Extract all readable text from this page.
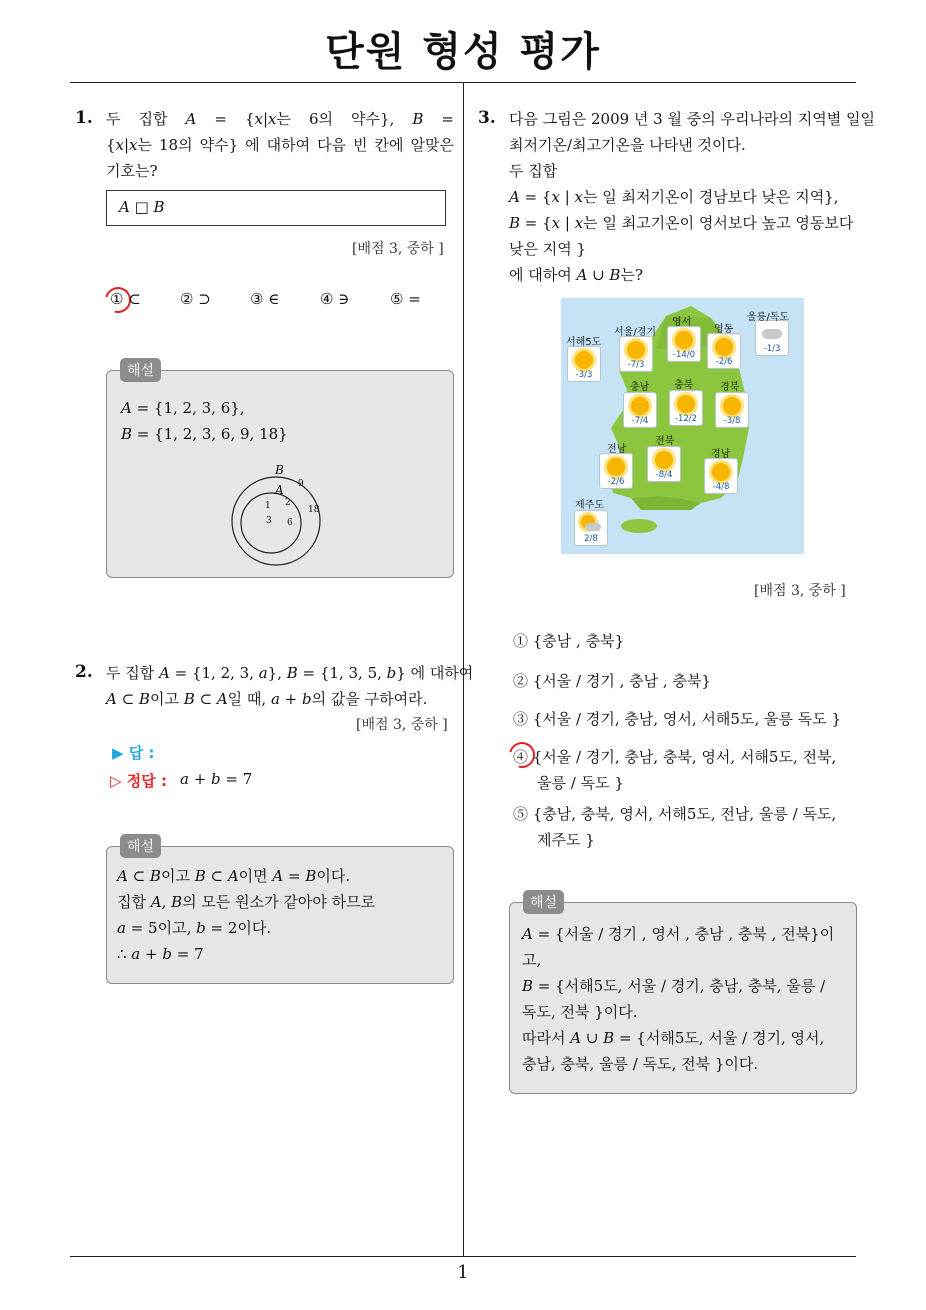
단원 형성 평가
1
1. 두 집합 𝐴 = {𝑥|𝑥는 6의 약수}, 𝐵 =
{𝑥|𝑥는 18의 약수} 에 대하여 다음 빈 칸에 알맞은
기호는?
𝐴 □ 𝐵
[배점 3, 중하 ]
① ⊂	② ⊃	③ ∈	④ ∋	⑤ =
𝐴 = {1, 2, 3, 6},
𝐵 = {1, 2, 3, 6, 9, 18}
𝐵
𝐴
1 2
3 6
9
18
해설
2. 두 집합 𝐴 = {1, 2, 3, 𝑎}, 𝐵 = {1, 3, 5, 𝑏} 에 대하여
𝐴 ⊂ 𝐵이고 𝐵 ⊂ 𝐴일 때, 𝑎 + 𝑏의 값을 구하여라.
[배점 3, 중하 ]
▶ 답 :
▷ 정답 : 𝑎 + 𝑏 = 7
𝐴 ⊂ 𝐵이고 𝐵 ⊂ 𝐴이면 𝐴 = 𝐵이다.
집합 𝐴, 𝐵의 모든 원소가 같아야 하므로
𝑎 = 5이고, 𝑏 = 2이다.
∴ 𝑎 + 𝑏 = 7
해설
3. 다음 그림은 2009 년 3 월 중의 우리나라의 지역별 일일
최저기온/최고기온을 나타낸 것이다.
두 집합
𝐴 = {𝑥 | 𝑥는 일 최저기온이 경남보다 낮은 지역},
𝐵 = {𝑥 | 𝑥는 일 최고기온이 영서보다 높고 영동보다
낮은 지역 }
에 대하여 𝐴 ∪ 𝐵는?
-3/3
-7/3
-14/0
-2/6
-1/3
-7/4	-12/2	-3/8
-2/6
-8/4
-4/8
2/8
서해5도
서울/경기
영서
영동
울릉/독도
충남 충북	경북
전남
전북
경남
제주도
[배점 3, 중하 ]
① {충남 , 충북}
② {서울 / 경기 , 충남 , 충북}
③ {서울 / 경기, 충남, 영서, 서해5도, 울릉 독도 }
④ {서울 / 경기, 충남, 충북, 영서, 서해5도, 전북,
울릉 / 독도 }
⑤ {충남, 충북, 영서, 서해5도, 전남, 울릉 / 독도,
제주도 }
𝐴 = {서울 / 경기 , 영서 , 충남 , 충북 , 전북}이
고,
𝐵 = {서해5도, 서울 / 경기, 충남, 충북, 울릉 /
독도, 전북 }이다.
따라서 𝐴 ∪ 𝐵 = {서해5도, 서울 / 경기, 영서,
충남, 충북, 울릉 / 독도, 전북 }이다.
해설
